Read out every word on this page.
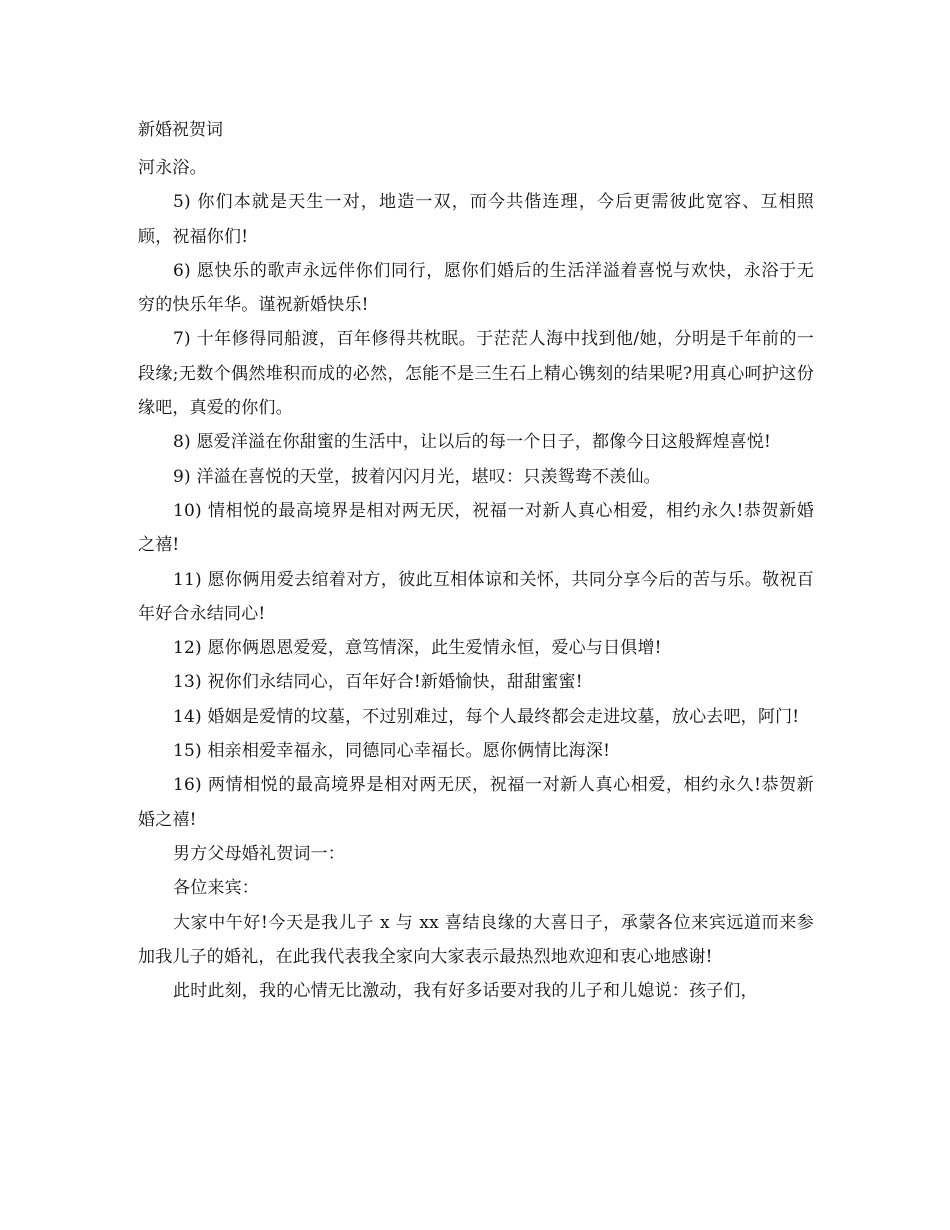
新婚祝贺词

河永浴。

5) 你们本就是天生一对，地造一双，而今共偕连理，今后更需彼此宽容、互相照顾，祝福你们!

6) 愿快乐的歌声永远伴你们同行，愿你们婚后的生活洋溢着喜悦与欢快，永浴于无穷的快乐年华。谨祝新婚快乐!

7) 十年修得同船渡，百年修得共枕眠。于茫茫人海中找到他/她，分明是千年前的一段缘;无数个偶然堆积而成的必然，怎能不是三生石上精心镌刻的结果呢?用真心呵护这份缘吧，真爱的你们。

8) 愿爱洋溢在你甜蜜的生活中，让以后的每一个日子，都像今日这般辉煌喜悦!

9) 洋溢在喜悦的天堂，披着闪闪月光，堪叹：只羡鸳鸯不羡仙。

10) 情相悦的最高境界是相对两无厌，祝福一对新人真心相爱，相约永久!恭贺新婚之禧!

11) 愿你俩用爱去绾着对方，彼此互相体谅和关怀，共同分享今后的苦与乐。敬祝百年好合永结同心!

12) 愿你俩恩恩爱爱，意笃情深，此生爱情永恒，爱心与日俱增!

13) 祝你们永结同心，百年好合!新婚愉快，甜甜蜜蜜!

14) 婚姻是爱情的坟墓，不过别难过，每个人最终都会走进坟墓，放心去吧，阿门!

15) 相亲相爱幸福永，同德同心幸福长。愿你俩情比海深!

16) 两情相悦的最高境界是相对两无厌，祝福一对新人真心相爱，相约永久!恭贺新婚之禧!

男方父母婚礼贺词一：

各位来宾：

大家中午好!今天是我儿子 x 与 xx 喜结良缘的大喜日子，承蒙各位来宾远道而来参加我儿子的婚礼，在此我代表我全家向大家表示最热烈地欢迎和衷心地感谢!

此时此刻，我的心情无比激动，我有好多话要对我的儿子和儿媳说：孩子们，
